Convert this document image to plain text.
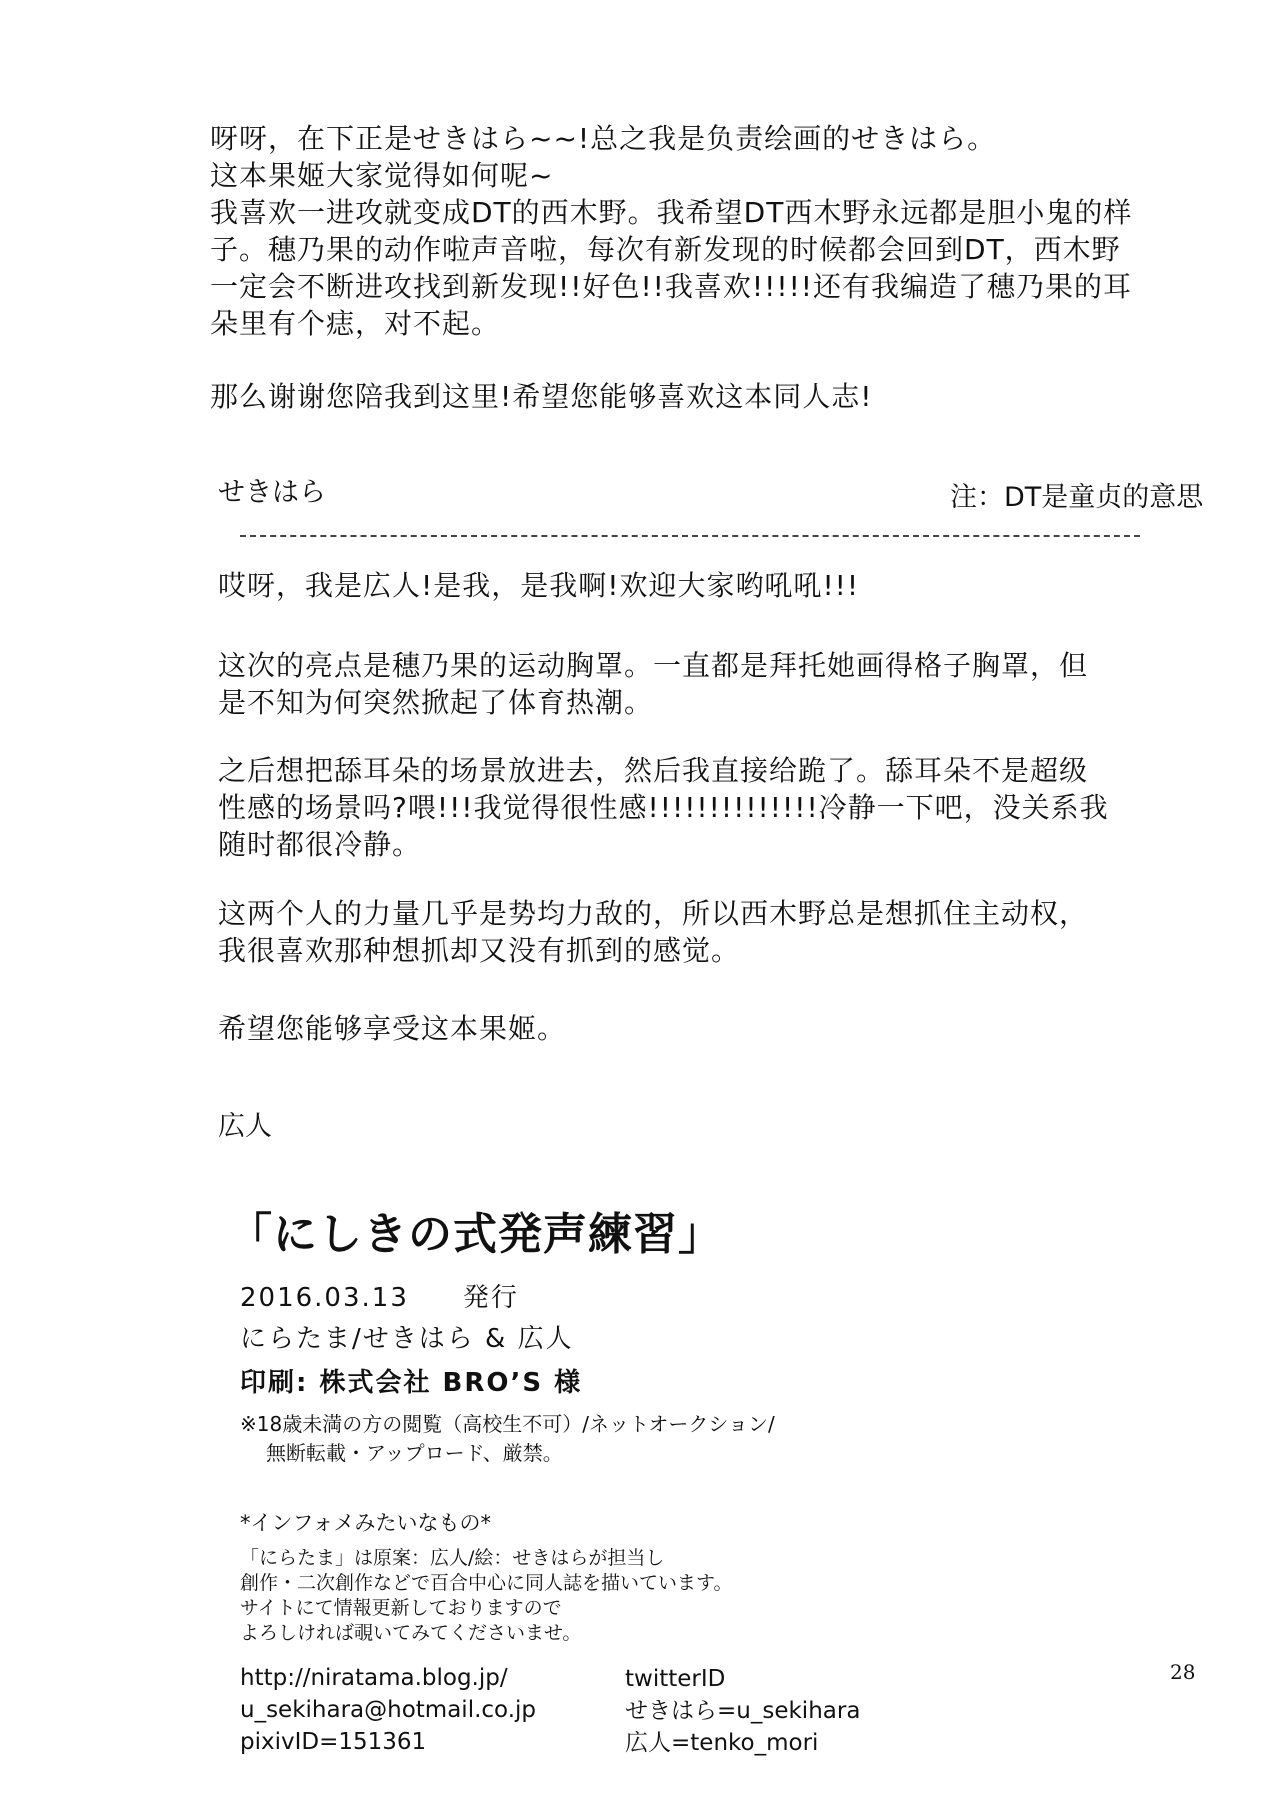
呀呀，在下正是せきはら~~!总之我是负责绘画的せきはら。
这本果姬大家觉得如何呢~
我喜欢一进攻就变成DT的西木野。我希望DT西木野永远都是胆小鬼的样
子。穗乃果的动作啦声音啦，每次有新发现的时候都会回到DT，西木野
一定会不断进攻找到新发现!!好色!!我喜欢!!!!!还有我编造了穗乃果的耳
朵里有个痣，对不起。
那么谢谢您陪我到这里!希望您能够喜欢这本同人志!
せきはら	注：DT是童贞的意思
哎呀，我是広人!是我，是我啊!欢迎大家哟吼吼!!!
这次的亮点是穗乃果的运动胸罩。一直都是拜托她画得格子胸罩，但
是不知为何突然掀起了体育热潮。
之后想把舔耳朵的场景放进去，然后我直接给跪了。舔耳朵不是超级
性感的场景吗?喂!!!我觉得很性感!!!!!!!!!!!!!!冷静一下吧，没关系我
随时都很冷静。
这两个人的力量几乎是势均力敌的，所以西木野总是想抓住主动权，
我很喜欢那种想抓却又没有抓到的感觉。
希望您能够享受这本果姬。
広人
「にしきの式発声練習」
2016.03.13 発行
にらたま/せきはら & 広人
印刷: 株式会社 BRO’S 様
※18歳未満の方の閲覧（高校生不可）/ネットオークション/
無断転載・アップロード、厳禁。
*インフォメみたいなもの*
「にらたま」は原案：広人/絵：せきはらが担当し
創作・二次創作などで百合中心に同人誌を描いています。
サイトにて情報更新しておりますので
よろしければ覗いてみてくださいませ。
http://niratama.blog.jp/
u_sekihara@hotmail.co.jp
pixivID=151361
twitterID
せきはら=u_sekihara
広人=tenko_mori
28
